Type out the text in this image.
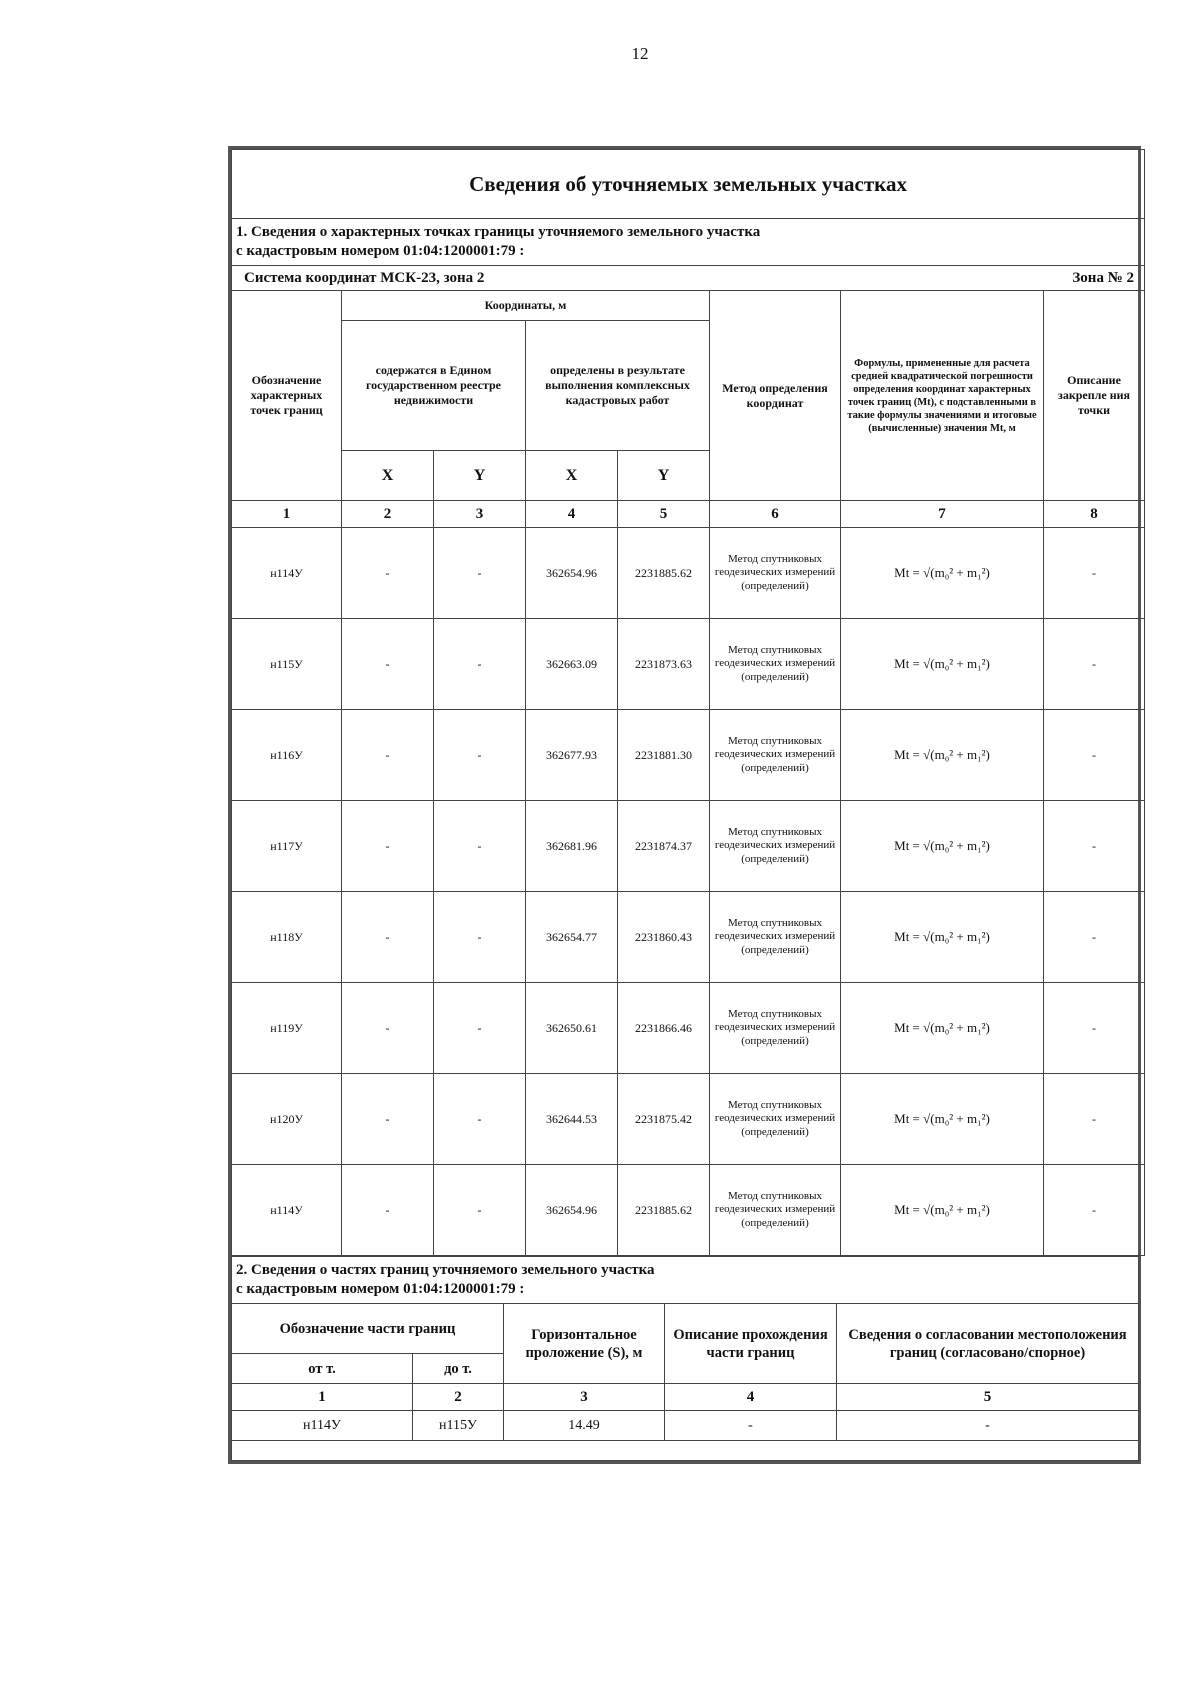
12
Сведения об уточняемых земельных участках							

1. Сведения о характерных точках границы уточняемого земельного участка
с кадастровым номером 01:04:1200001:79 :							

Система координат МСК-23, зона 2 Зона № 2							

Обозначение характерных точек границ	Координаты, м				Метод определения координат	Формулы, примененные для расчета средней квадратической погрешности определения координат характерных точек границ (Mt), с подставленными в такие формулы значениями и итоговые (вычисленные) значения Mt, м	Описание закрепле ния точки
	содержатся в Едином государственном реестре недвижимости		определены в результате выполнения комплексных кадастровых работ				
	X	Y	X	Y			
1	2	3	4	5	6	7	8
н114У	-	-	362654.96	2231885.62	Метод спутниковых геодезических измерений (определений)	Mt = √(m₀² + m₁²)	-
н115У	-	-	362663.09	2231873.63	Метод спутниковых геодезических измерений (определений)	Mt = √(m₀² + m₁²)	-
н116У	-	-	362677.93	2231881.30	Метод спутниковых геодезических измерений (определений)	Mt = √(m₀² + m₁²)	-
н117У	-	-	362681.96	2231874.37	Метод спутниковых геодезических измерений (определений)	Mt = √(m₀² + m₁²)	-
н118У	-	-	362654.77	2231860.43	Метод спутниковых геодезических измерений (определений)	Mt = √(m₀² + m₁²)	-
н119У	-	-	362650.61	2231866.46	Метод спутниковых геодезических измерений (определений)	Mt = √(m₀² + m₁²)	-
н120У	-	-	362644.53	2231875.42	Метод спутниковых геодезических измерений (определений)	Mt = √(m₀² + m₁²)	-
н114У	-	-	362654.96	2231885.62	Метод спутниковых геодезических измерений (определений)	Mt = √(m₀² + m₁²)	-
2. Сведения о частях границ уточняемого земельного участка
с кадастровым номером 01:04:1200001:79 :				

Обозначение части границ		Горизонтальное проложение (S), м	Описание прохождения части границ	Сведения о согласовании местоположения границ (согласовано/спорное)
от т.	до т.			
1	2	3	4	5
н114У	н115У	14.49	-	-
